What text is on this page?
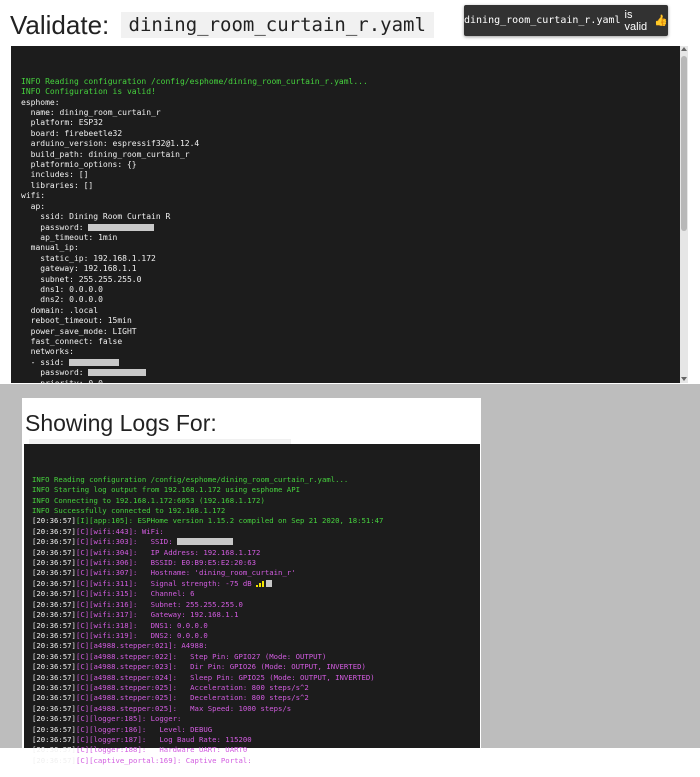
Validate: dining_room_curtain_r.yaml	dining_room_curtain_r.yaml is valid 👍

INFO Reading configuration /config/esphome/dining_room_curtain_r.yaml...
INFO Configuration is valid!
esphome:
name: dining_room_curtain_r
platform: ESP32
board: firebeetle32
arduino_version: espressif32@1.12.4
build_path: dining_room_curtain_r
platformio_options: {}
includes: []
libraries: []
wifi:
ap:
ssid: Dining Room Curtain R
password:
ap_timeout: 1min
manual_ip:
static_ip: 192.168.1.172
gateway: 192.168.1.1
subnet: 255.255.255.0
dns1: 0.0.0.0
dns2: 0.0.0.0
domain: .local
reboot_timeout: 15min
power_save_mode: LIGHT
fast_connect: false
networks:
- ssid:
password:

Showing Logs For:

INFO Reading configuration /config/esphome/dining_room_curtain_r.yaml...
INFO Starting log output from 192.168.1.172 using esphome API
INFO Connecting to 192.168.1.172:6053 (192.168.1.172)
INFO Successfully connected to 192.168.1.172
[20:36:57][I][app:105]: ESPHome version 1.15.2 compiled on Sep 21 2020, 18:51:47
[20:36:57][C][wifi:443]: WiFi:
[20:36:57][C][wifi:303]:   SSID:
[20:36:57][C][wifi:304]:   IP Address: 192.168.1.172
[20:36:57][C][wifi:306]:   BSSID: E0:B9:E5:E2:20:63
[20:36:57][C][wifi:307]:   Hostname: 'dining_room_curtain_r'
[20:36:57][C][wifi:311]:   Signal strength: -75 dB
[20:36:57][C][wifi:315]:   Channel: 6
[20:36:57][C][wifi:316]:   Subnet: 255.255.255.0
[20:36:57][C][wifi:317]:   Gateway: 192.168.1.1
[20:36:57][C][wifi:318]:   DNS1: 0.0.0.0
[20:36:57][C][wifi:319]:   DNS2: 0.0.0.0
[20:36:57][C][a4988.stepper:021]: A4988:
[20:36:57][C][a4988.stepper:022]:   Step Pin: GPIO27 (Mode: OUTPUT)
[20:36:57][C][a4988.stepper:023]:   Dir Pin: GPIO26 (Mode: OUTPUT, INVERTED)
[20:36:57][C][a4988.stepper:024]:   Sleep Pin: GPIO25 (Mode: OUTPUT, INVERTED)
[20:36:57][C][a4988.stepper:025]:   Acceleration: 800 steps/s^2
[20:36:57][C][a4988.stepper:025]:   Deceleration: 800 steps/s^2
[20:36:57][C][a4988.stepper:025]:   Max Speed: 1000 steps/s
[20:36:57][C][logger:185]: Logger:
[20:36:57][C][logger:186]:   Level: DEBUG
[20:36:57][C][logger:187]:   Log Baud Rate: 115200
[20:36:57][C][logger:188]:   Hardware UART: UART0
[20:36:57][C][captive_portal:169]: Captive Portal:
